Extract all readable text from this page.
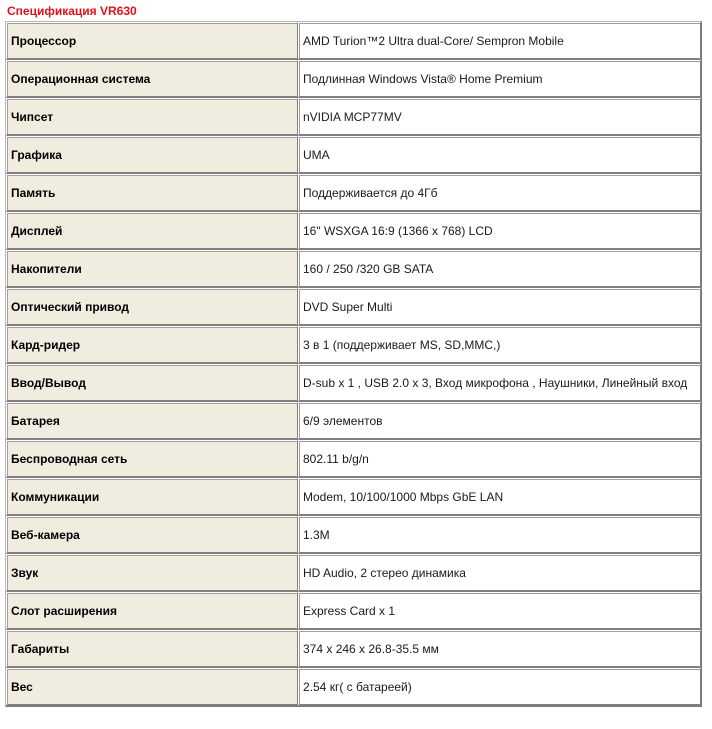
Спецификация VR630
Процессор	AMD Turion™2 Ultra dual-Core/ Sempron Mobile
Операционная система	Подлинная Windows Vista® Home Premium
Чипсет	nVIDIA MCP77MV
Графика	UMA
Память	Поддерживается до 4Гб
Дисплей	16" WSXGA 16:9 (1366 x 768) LCD
Накопители	160 / 250 /320 GB SATA
Оптический привод	DVD Super Multi
Кард-ридер	3 в 1 (поддерживает MS, SD,MMC,)
Ввод/Вывод	D-sub x 1 , USB 2.0 x 3, Вход микрофона , Наушники, Линейный вход
Батарея	6/9 элементов
Беспроводная сеть	802.11 b/g/n
Коммуникации	Modem, 10/100/1000 Mbps GbE LAN
Веб-камера	1.3M
Звук	HD Audio, 2 стерео динамика
Слот расширения	Express Card x 1
Габариты	374 x 246 x 26.8-35.5 мм
Вес	2.54 кг( с батареей)
